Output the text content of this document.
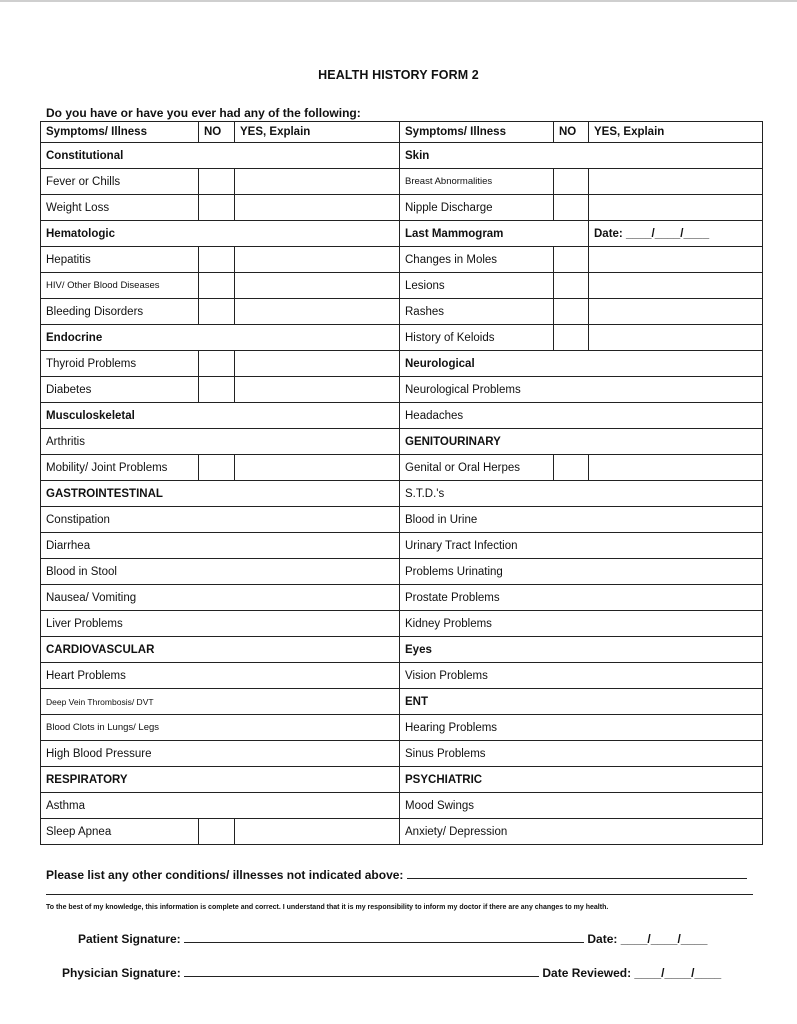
HEALTH HISTORY FORM 2
Do you have or have you ever had any of the following:
Symptoms/ Illness	NO	YES, Explain	Symptoms/ Illness	NO	YES, Explain
Constitutional			Skin		
Fever or Chills			Breast Abnormalities		
Weight Loss			Nipple Discharge		
Hematologic			Last Mammogram		Date: ____/____/____
Hepatitis			Changes in Moles		
HIV/ Other Blood Diseases			Lesions		
Bleeding Disorders			Rashes		
Endocrine			History of Keloids		
Thyroid Problems			Neurological		
Diabetes			Neurological Problems		
Musculoskeletal			Headaches		
Arthritis			GENITOURINARY		
Mobility/ Joint Problems			Genital or Oral Herpes		
GASTROINTESTINAL			S.T.D.'s		
Constipation			Blood in Urine		
Diarrhea			Urinary Tract Infection		
Blood in Stool			Problems Urinating		
Nausea/ Vomiting			Prostate Problems		
Liver Problems			Kidney Problems		
CARDIOVASCULAR			Eyes		
Heart Problems			Vision Problems		
Deep Vein Thrombosis/ DVT			ENT		
Blood Clots in Lungs/ Legs			Hearing Problems		
High Blood Pressure			Sinus Problems		
RESPIRATORY			PSYCHIATRIC		
Asthma			Mood Swings		
Sleep Apnea			Anxiety/ Depression		
Please list any other conditions/ illnesses not indicated above:
To the best of my knowledge, this information is complete and correct. I understand that it is my responsibility to inform my doctor if there are any changes to my health.
Patient Signature:	Date: ____/____/____
Physician Signature:	Date Reviewed: ____/____/____
